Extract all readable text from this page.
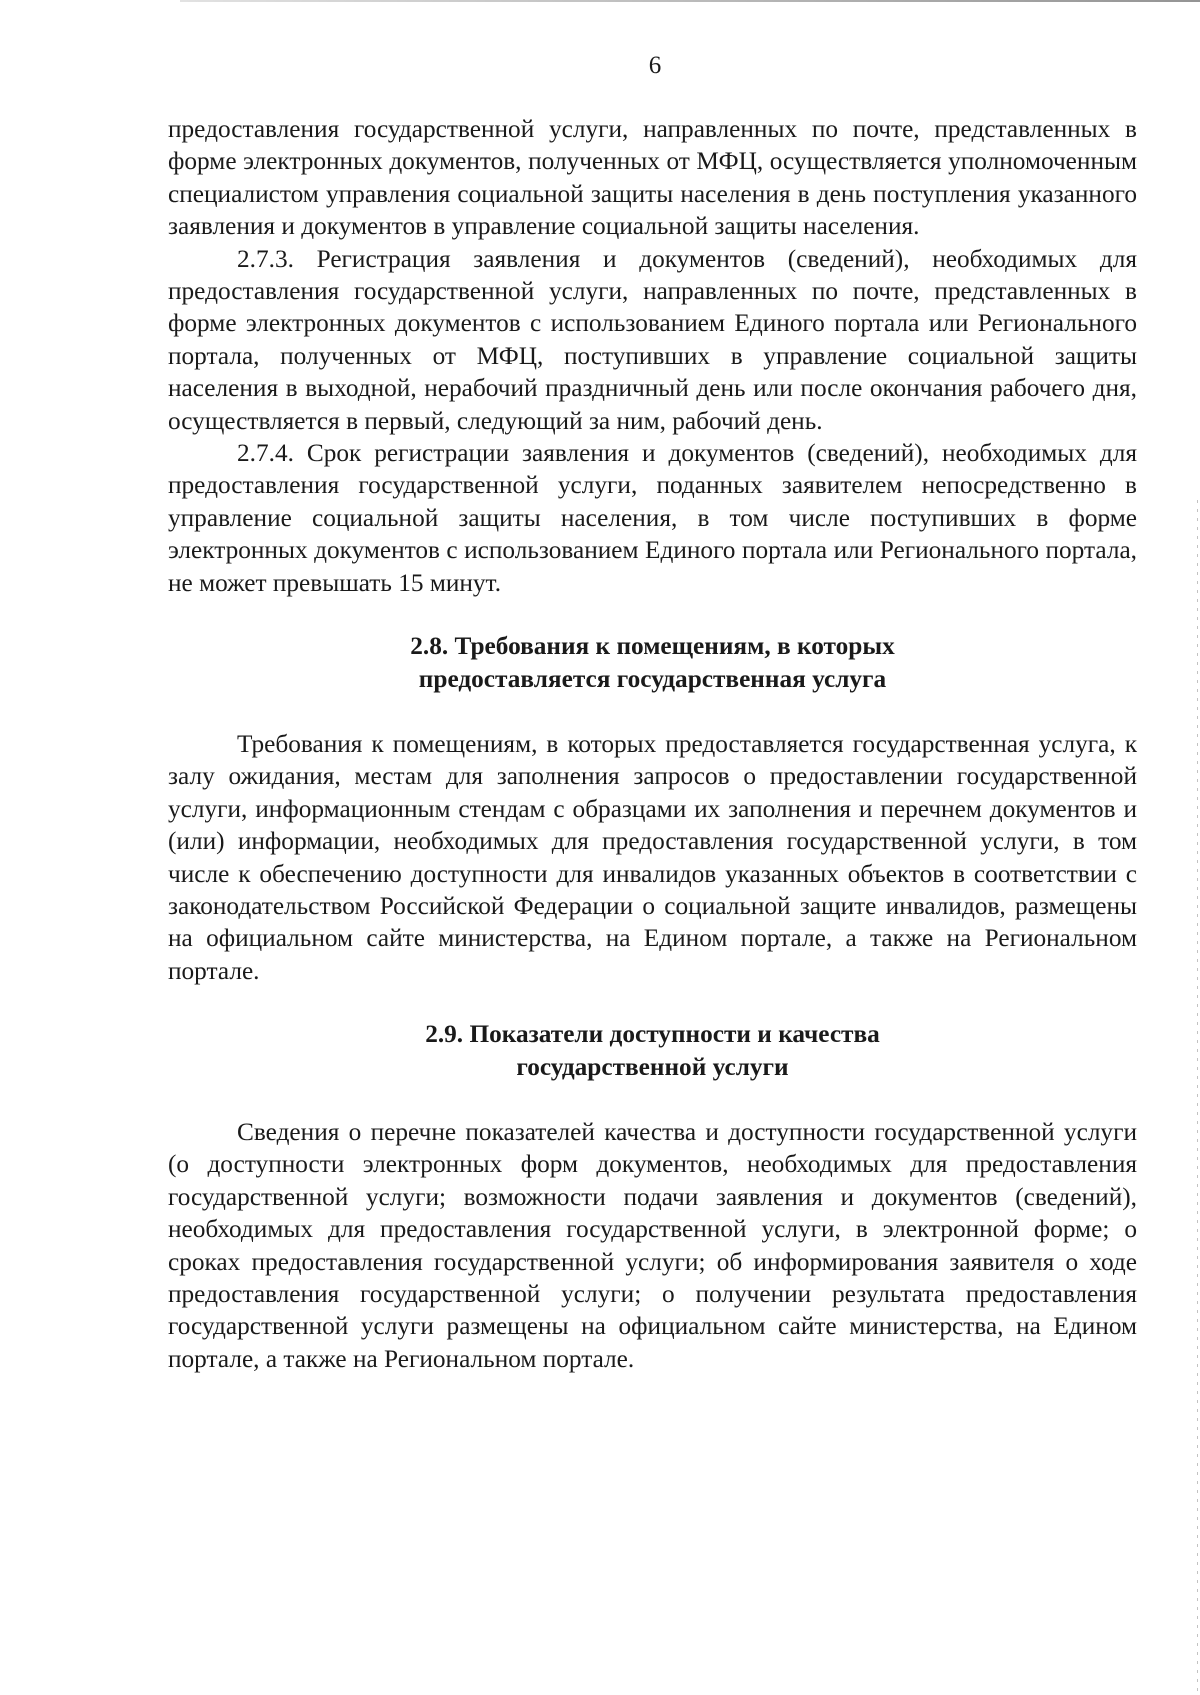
6

предоставления государственной услуги, направленных по почте, представленных в форме электронных документов, полученных от МФЦ, осуществляется уполномоченным специалистом управления социальной защиты населения в день поступления указанного заявления и документов в управление социальной защиты населения.

2.7.3. Регистрация заявления и документов (сведений), необходимых для предоставления государственной услуги, направленных по почте, представленных в форме электронных документов с использованием Единого портала или Регионального портала, полученных от МФЦ, поступивших в управление социальной защиты населения в выходной, нерабочий праздничный день или после окончания рабочего дня, осуществляется в первый, следующий за ним, рабочий день.

2.7.4. Срок регистрации заявления и документов (сведений), необходимых для предоставления государственной услуги, поданных заявителем непосредственно в управление социальной защиты населения, в том числе поступивших в форме электронных документов с использованием Единого портала или Регионального портала, не может превышать 15 минут.

2.8. Требования к помещениям, в которых
предоставляется государственная услуга

Требования к помещениям, в которых предоставляется государственная услуга, к залу ожидания, местам для заполнения запросов о предоставлении государственной услуги, информационным стендам с образцами их заполнения и перечнем документов и (или) информации, необходимых для предоставления государственной услуги, в том числе к обеспечению доступности для инвалидов указанных объектов в соответствии с законодательством Российской Федерации о социальной защите инвалидов, размещены на официальном сайте министерства, на Едином портале, а также на Региональном портале.

2.9. Показатели доступности и качества
государственной услуги

Сведения о перечне показателей качества и доступности государственной услуги (о доступности электронных форм документов, необходимых для предоставления государственной услуги; возможности подачи заявления и документов (сведений), необходимых для предоставления государственной услуги, в электронной форме; о сроках предоставления государственной услуги; об информирования заявителя о ходе предоставления государственной услуги; о получении результата предоставления государственной услуги размещены на официальном сайте министерства, на Едином портале, а также на Региональном портале.
